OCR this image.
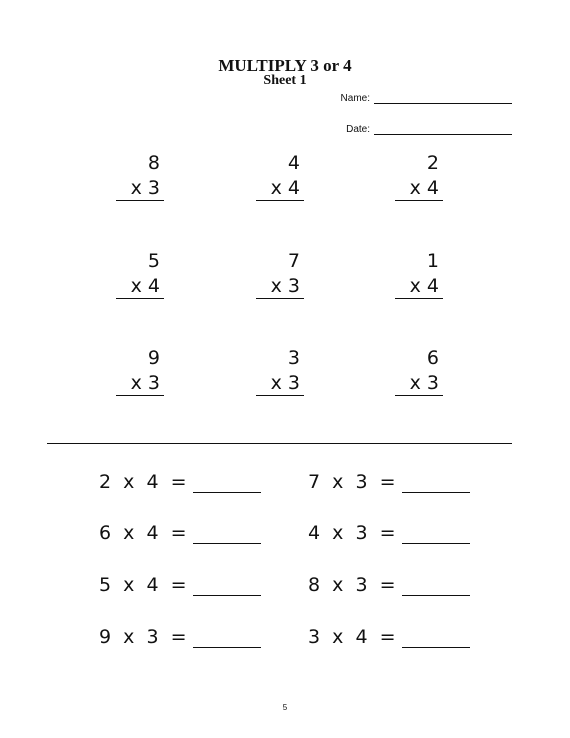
MULTIPLY 3 or 4
Sheet 1
Name:
Date:
8
x 3
4
x 4
2
x 4
5
x 4
7
x 3
1
x 4
9
x 3
3
x 3
6
x 3
2  x  4  =	7  x  3  =
6  x  4  =	4  x  3  =
5  x  4  =	8  x  3  =
9  x  3  =	3  x  4  =
5
